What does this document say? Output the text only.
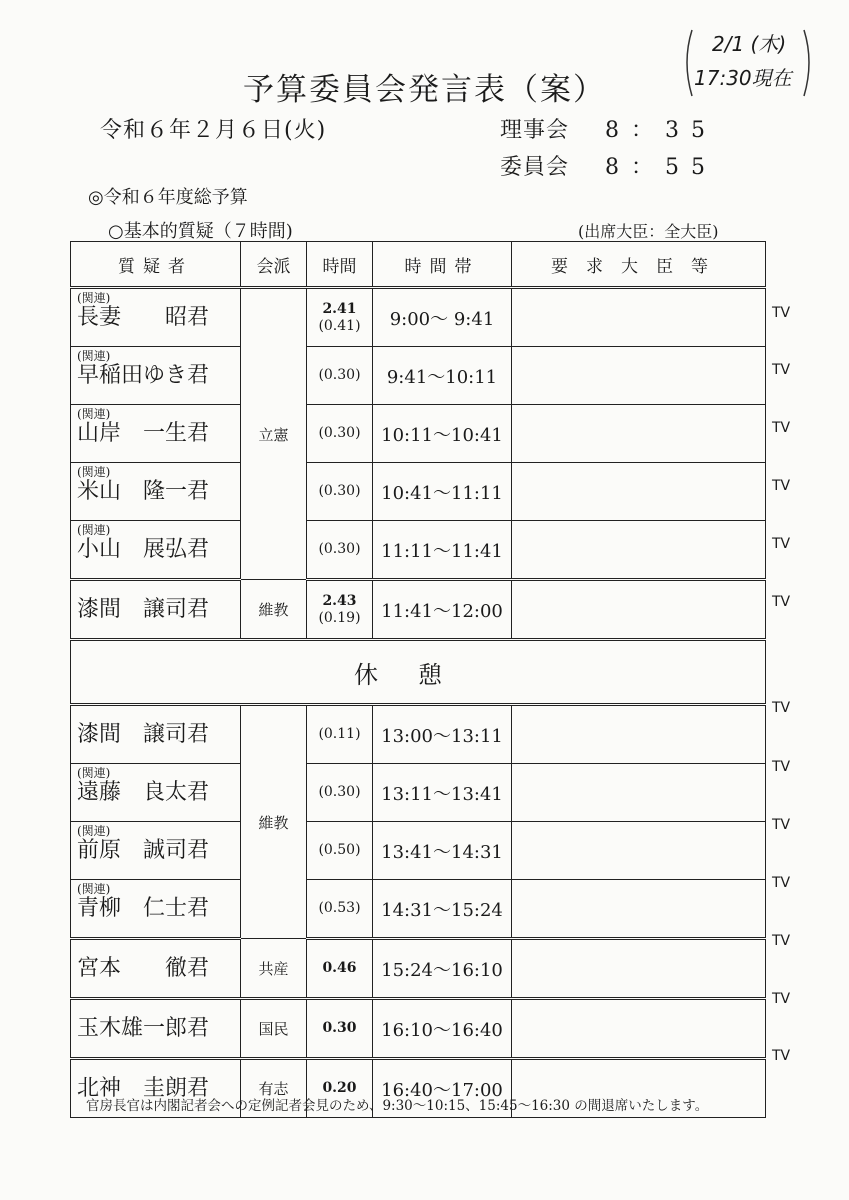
2/1 (木)
17:30現在
予算委員会発言表（案）
令和６年２月６日(火)	理事会 8：35
委員会 8：55
◎令和６年度総予算
○基本的質疑（７時間)	(出席大臣：全大臣)
質疑者	会派	時間	時間帯	要求大臣等

(関連)
長妻　　昭君	立憲	2.41
(0.41)	9:00～ 9:41	

(関連)
早稲田ゆき君		(0.30)	9:41～10:11	

(関連)
山岸　一生君		(0.30)	10:11～10:41	

(関連)
米山　隆一君		(0.30)	10:41～11:11	

(関連)
小山　展弘君		(0.30)	11:11～11:41	

漆間　譲司君	維教	2.43
(0.19)	11:41～12:00	
休憩				

漆間　譲司君	維教	(0.11)	13:00～13:11	

(関連)
遠藤　良太君		(0.30)	13:11～13:41	

(関連)
前原　誠司君		(0.50)	13:41～14:31	

(関連)
青柳　仁士君		(0.53)	14:31～15:24	

宮本　　徹君	共産	0.46	15:24～16:10	

玉木雄一郎君	国民	0.30	16:10～16:40	

北神　圭朗君	有志	0.20	16:40～17:00	
TV
TV
TV
TV
TV
TV
TV
TV
TV
TV
TV
TV
TV
官房長官は内閣記者会への定例記者会見のため、9:30～10:15、15:45～16:30 の間退席いたします。
